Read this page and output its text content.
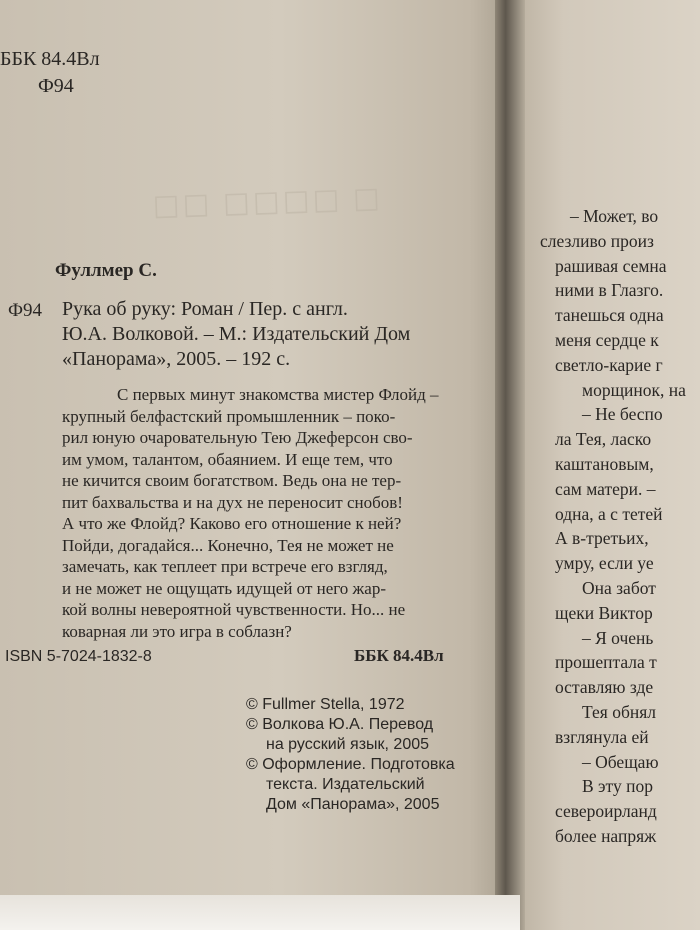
☐ ☐☐☐☐ ☐☐
ББК 84.4Вл
Ф94
Фуллмер С.
Ф94 Рука об руку: Роман / Пер. с англ.
Ю.А. Волковой. – М.: Издательский Дом
«Панорама», 2005. – 192 с.
С первых минут знакомства мистер Флойд –
крупный белфастский промышленник – поко-
рил юную очаровательную Тею Джеферсон сво-
им умом, талантом, обаянием. И еще тем, что
не кичится своим богатством. Ведь она не тер-
пит бахвальства и на дух не переносит снобов!
А что же Флойд? Каково его отношение к ней?
Пойди, догадайся... Конечно, Тея не может не
замечать, как теплеет при встрече его взгляд,
и не может не ощущать идущей от него жар-
кой волны невероятной чувственности. Но... не
коварная ли это игра в соблазн?
ISBN 5-7024-1832-8	ББК 84.4Вл
© Fullmer Stella, 1972
© Волкова Ю.А. Перевод
на русский язык, 2005
© Оформление. Подготовка
текста. Издательский
Дом «Панорама», 2005
– Может, во
слезливо произ
рашивая семна
ними в Глазго.
танешься одна
меня сердце к
светло-карие г
морщинок, на
– Не беспо
ла Тея, ласко
каштановым,
сам матери. –
одна, а с тетей
А в-третьих,
умру, если уе
Она забот
щеки Виктор
– Я очень
прошептала т
оставляю зде
Тея обнял
взглянула ей
– Обещаю
В эту пор
североирланд
более напряж
